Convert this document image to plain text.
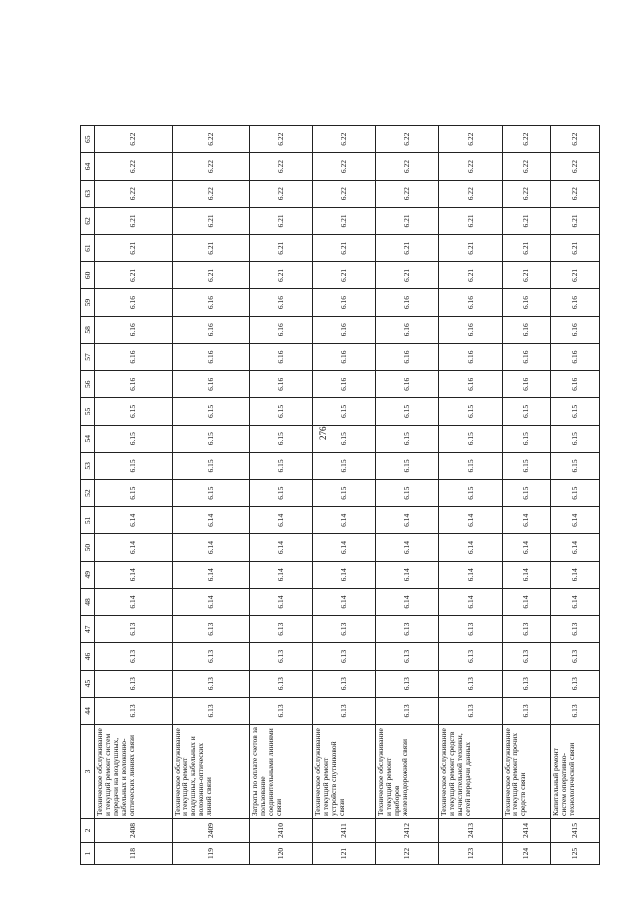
276
1	2	3	44	45	46	47	48	49	50	51	52	53	54	55	56	57	58	59	60	61	62	63	64	65
118	2408	Техническое обслуживание и текущий ремонт систем передачи на воздушных, кабельных и волоконно-оптических линиях связи	6.13	6.13	6.13	6.13	6.14	6.14	6.14	6.14	6.15	6.15	6.15	6.15	6.16	6.16	6.16	6.16	6.21	6.21	6.21	6.22	6.22	6.22
119	2409	Техническое обслуживание и текущий ремонт воздушных, кабельных и волоконно-оптических линий связи	6.13	6.13	6.13	6.13	6.14	6.14	6.14	6.14	6.15	6.15	6.15	6.15	6.16	6.16	6.16	6.16	6.21	6.21	6.21	6.22	6.22	6.22
120	2410	Затраты по оплате счетов за пользование соединительными линиями связи	6.13	6.13	6.13	6.13	6.14	6.14	6.14	6.14	6.15	6.15	6.15	6.15	6.16	6.16	6.16	6.16	6.21	6.21	6.21	6.22	6.22	6.22
121	2411	Техническое обслуживание и текущий ремонт устройств спутниковой связи	6.13	6.13	6.13	6.13	6.14	6.14	6.14	6.14	6.15	6.15	6.15	6.15	6.16	6.16	6.16	6.16	6.21	6.21	6.21	6.22	6.22	6.22
122	2412	Техническое обслуживание и текущий ремонт приборов железнодорожной связи	6.13	6.13	6.13	6.13	6.14	6.14	6.14	6.14	6.15	6.15	6.15	6.15	6.16	6.16	6.16	6.16	6.21	6.21	6.21	6.22	6.22	6.22
123	2413	Техническое обслуживание и текущий ремонт средств вычислительной техники, сетей передачи данных	6.13	6.13	6.13	6.13	6.14	6.14	6.14	6.14	6.15	6.15	6.15	6.15	6.16	6.16	6.16	6.16	6.21	6.21	6.21	6.22	6.22	6.22
124	2414	Техническое обслуживание и текущий ремонт прочих средств связи	6.13	6.13	6.13	6.13	6.14	6.14	6.14	6.14	6.15	6.15	6.15	6.15	6.16	6.16	6.16	6.16	6.21	6.21	6.21	6.22	6.22	6.22
125	2415	Капитальный ремонт систем оперативно-технологической связи	6.13	6.13	6.13	6.13	6.14	6.14	6.14	6.14	6.15	6.15	6.15	6.15	6.16	6.16	6.16	6.16	6.21	6.21	6.21	6.22	6.22	6.22
